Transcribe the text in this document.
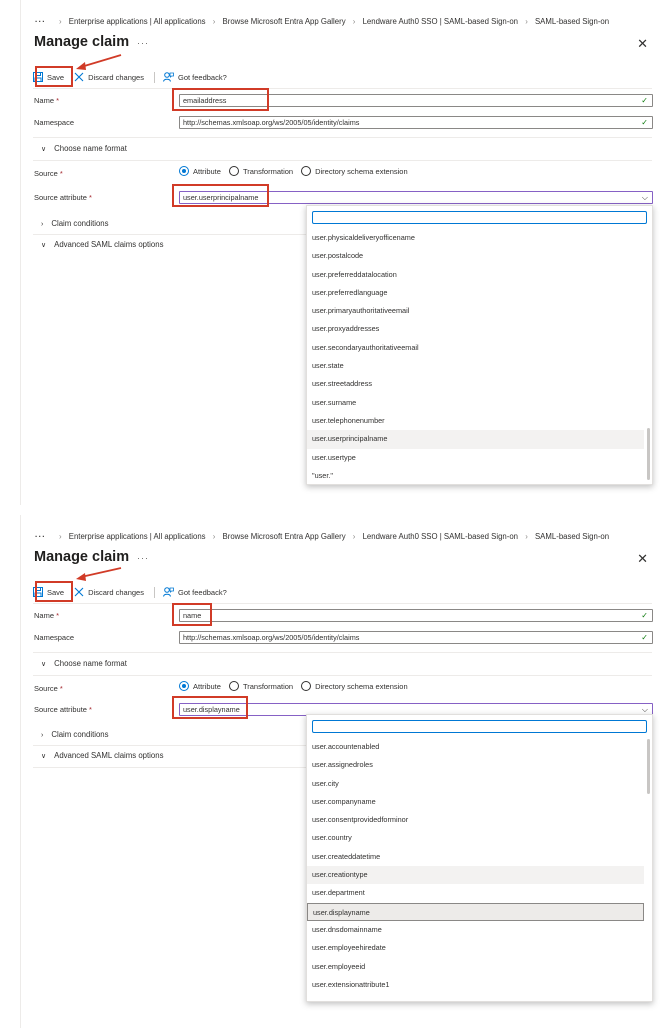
··· › Enterprise applications | All applications › Browse Microsoft Entra App Gallery › Lendware Auth0 SSO | SAML-based Sign-on › SAML-based Sign-on
Manage claim ···	✕
Save	Discard changes	Got feedback?
Name *	emailaddress	✓
Namespace	http://schemas.xmlsoap.org/ws/2005/05/identity/claims	✓
∨ Choose name format
Source *	Attribute	Transformation	Directory schema extension
Source attribute *	user.userprincipalname	⌵
› Claim conditions
∨ Advanced SAML claims options
user.physicaldeliveryofficename
user.postalcode
user.preferreddatalocation
user.preferredlanguage
user.primaryauthoritativeemail
user.proxyaddresses
user.secondaryauthoritativeemail
user.state
user.streetaddress
user.surname
user.telephonenumber
user.userprincipalname
user.usertype
"user."
··· › Enterprise applications | All applications › Browse Microsoft Entra App Gallery › Lendware Auth0 SSO | SAML-based Sign-on › SAML-based Sign-on
Manage claim ···	✕
Save	Discard changes	Got feedback?
Name *	name	✓
Namespace	http://schemas.xmlsoap.org/ws/2005/05/identity/claims	✓
∨ Choose name format
Source *	Attribute	Transformation	Directory schema extension
Source attribute *	user.displayname	⌵
› Claim conditions
∨ Advanced SAML claims options
user.accountenabled
user.assignedroles
user.city
user.companyname
user.consentprovidedforminor
user.country
user.createddatetime
user.creationtype
user.department
user.displayname
user.dnsdomainname
user.employeehiredate
user.employeeid
user.extensionattribute1
